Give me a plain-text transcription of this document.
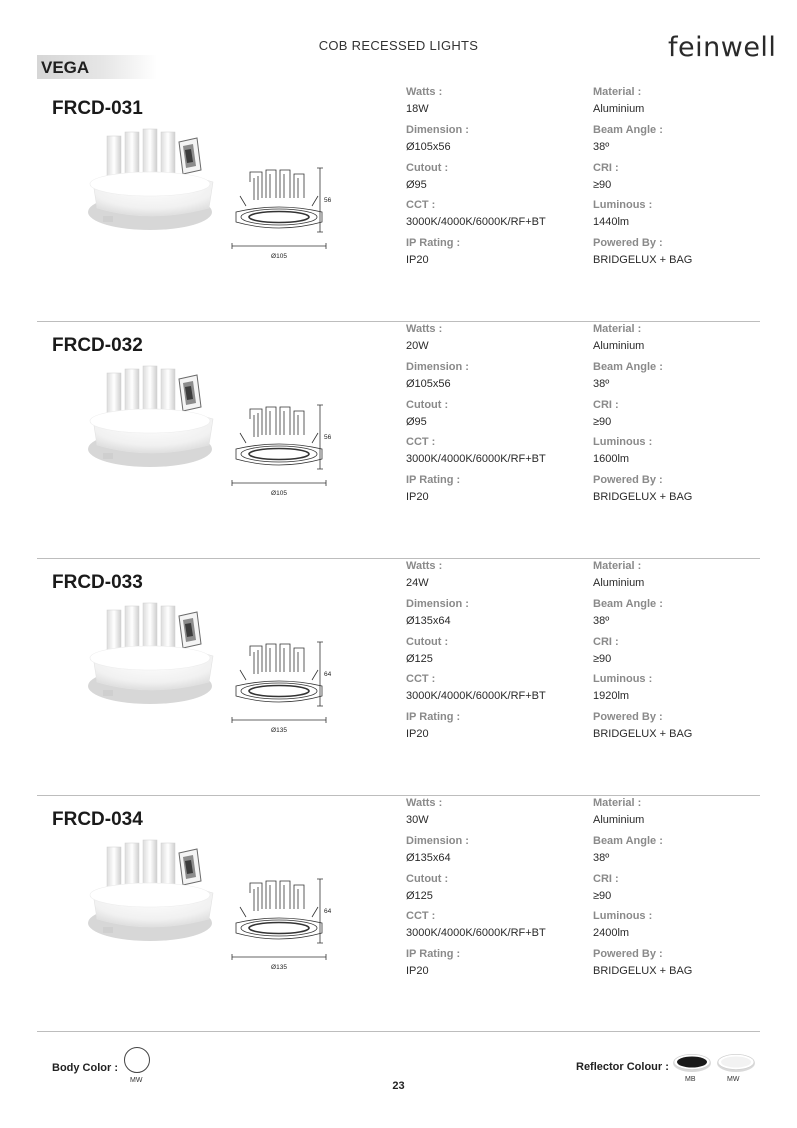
COB RECESSED LIGHTS	feinwell
VEGA
FRCD-031
Ø105
56
Watts :
18W
Material :
Aluminium
Dimension :
Ø105x56
Beam Angle :
38º
Cutout :
Ø95
CRI :
≥90
CCT :
3000K/4000K/6000K/RF+BT
Luminous :
1440lm
IP Rating :
IP20
Powered By :
BRIDGELUX + BAG
FRCD-032
Ø105
56
Watts :
20W
Material :
Aluminium
Dimension :
Ø105x56
Beam Angle :
38º
Cutout :
Ø95
CRI :
≥90
CCT :
3000K/4000K/6000K/RF+BT
Luminous :
1600lm
IP Rating :
IP20
Powered By :
BRIDGELUX + BAG
FRCD-033
Ø135
64
Watts :
24W
Material :
Aluminium
Dimension :
Ø135x64
Beam Angle :
38º
Cutout :
Ø125
CRI :
≥90
CCT :
3000K/4000K/6000K/RF+BT
Luminous :
1920lm
IP Rating :
IP20
Powered By :
BRIDGELUX + BAG
FRCD-034
Ø135
64
Watts :
30W
Material :
Aluminium
Dimension :
Ø135x64
Beam Angle :
38º
Cutout :
Ø125
CRI :
≥90
CCT :
3000K/4000K/6000K/RF+BT
Luminous :
2400lm
IP Rating :
IP20
Powered By :
BRIDGELUX + BAG
Body Color :
MW
Reflector Colour :
MB	MW
23
